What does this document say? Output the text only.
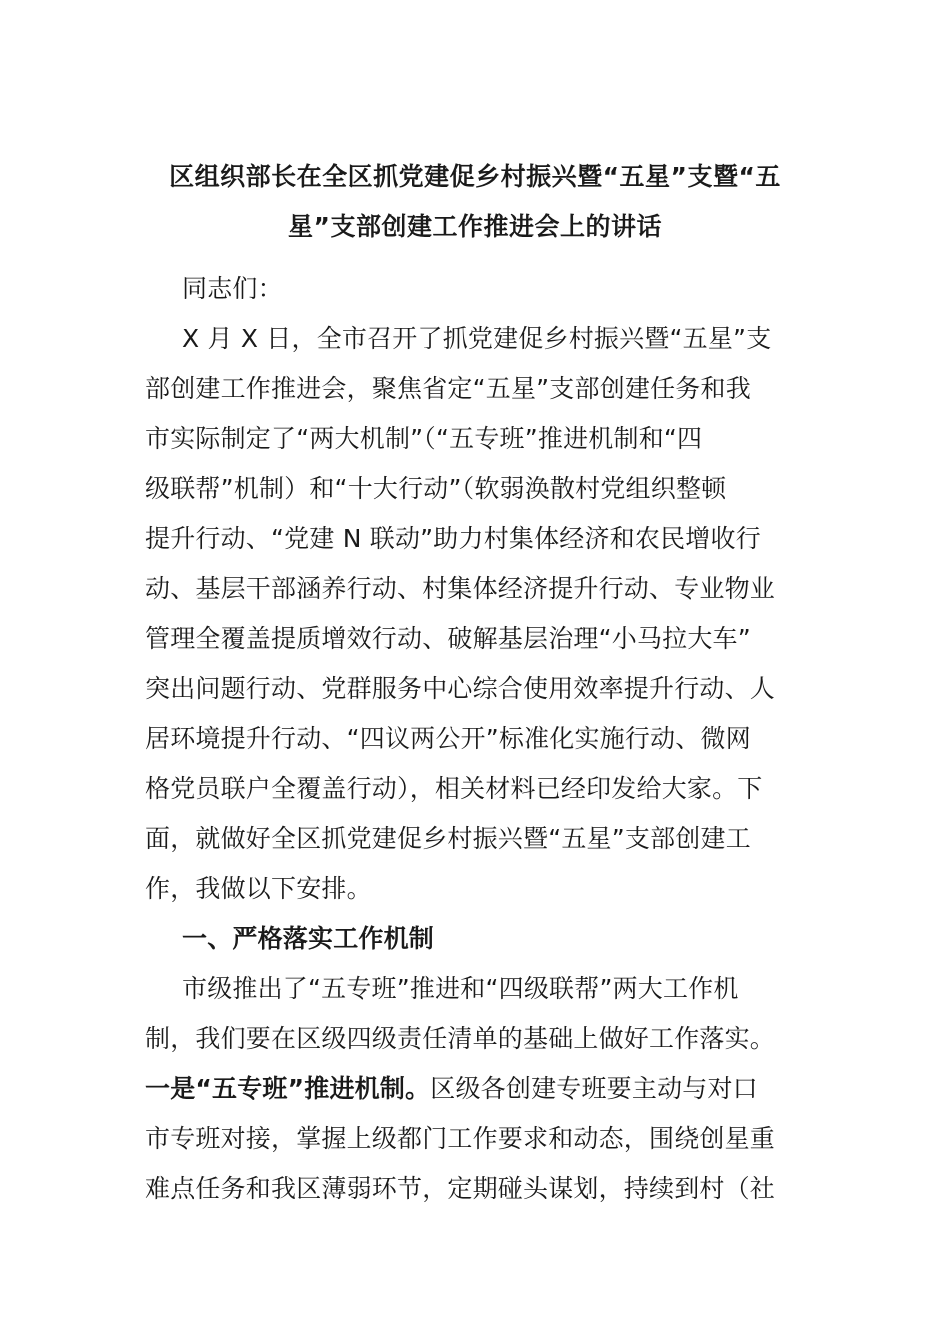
区组织部长在全区抓党建促乡村振兴暨“五星”支暨“五
星”支部创建工作推进会上的讲话
同志们：
X 月 X 日，全市召开了抓党建促乡村振兴暨“五星”支
部创建工作推进会，聚焦省定“五星”支部创建任务和我
市实际制定了“两大机制”（“五专班”推进机制和“四
级联帮”机制）和“十大行动”（软弱涣散村党组织整顿
提升行动、“党建 N 联动”助力村集体经济和农民增收行
动、基层干部涵养行动、村集体经济提升行动、专业物业
管理全覆盖提质增效行动、破解基层治理“小马拉大车”
突出问题行动、党群服务中心综合使用效率提升行动、人
居环境提升行动、“四议两公开”标准化实施行动、微网
格党员联户全覆盖行动），相关材料已经印发给大家。下
面，就做好全区抓党建促乡村振兴暨“五星”支部创建工
作，我做以下安排。
一、严格落实工作机制
市级推出了“五专班”推进和“四级联帮”两大工作机
制，我们要在区级四级责任清单的基础上做好工作落实。
一是“五专班”推进机制。区级各创建专班要主动与对口
市专班对接，掌握上级都门工作要求和动态，围绕创星重
难点任务和我区薄弱环节，定期碰头谋划，持续到村（社
